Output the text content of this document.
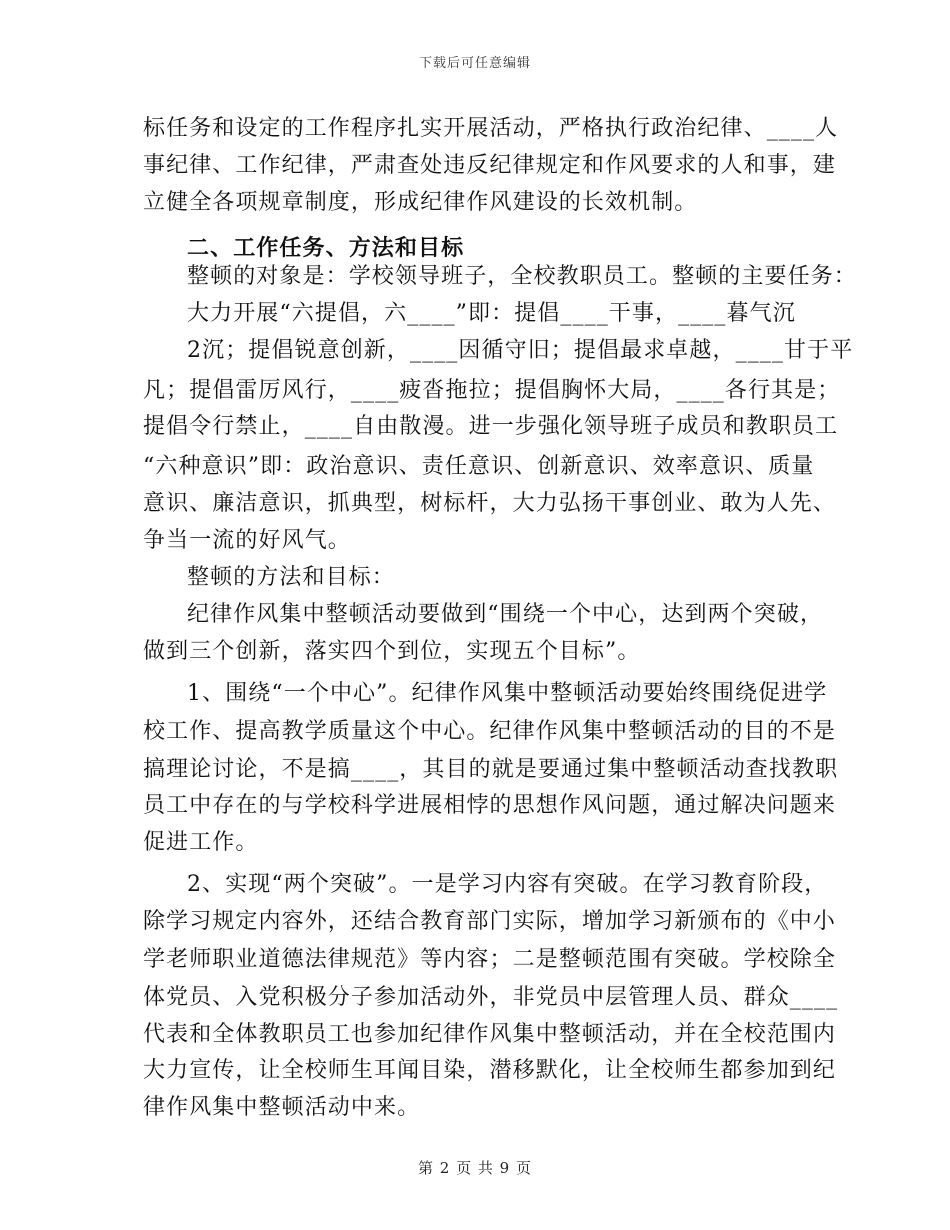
下载后可任意编辑
标任务和设定的工作程序扎实开展活动，严格执行政治纪律、____人
事纪律、工作纪律，严肃查处违反纪律规定和作风要求的人和事，建
立健全各项规章制度，形成纪律作风建设的长效机制。
二、工作任务、方法和目标
整顿的对象是：学校领导班子，全校教职员工。整顿的主要任务：
大力开展“六提倡，六____”即：提倡____干事，____暮气沉
2沉；提倡锐意创新，____因循守旧；提倡最求卓越，____甘于平
凡；提倡雷厉风行，____疲沓拖拉；提倡胸怀大局，____各行其是；
提倡令行禁止，____自由散漫。进一步强化领导班子成员和教职员工
“六种意识”即：政治意识、责任意识、创新意识、效率意识、质量
意识、廉洁意识，抓典型，树标杆，大力弘扬干事创业、敢为人先、
争当一流的好风气。
整顿的方法和目标：
纪律作风集中整顿活动要做到“围绕一个中心，达到两个突破，
做到三个创新，落实四个到位，实现五个目标”。
1、围绕“一个中心”。纪律作风集中整顿活动要始终围绕促进学
校工作、提高教学质量这个中心。纪律作风集中整顿活动的目的不是
搞理论讨论，不是搞____，其目的就是要通过集中整顿活动查找教职
员工中存在的与学校科学进展相悖的思想作风问题，通过解决问题来
促进工作。
2、实现“两个突破”。一是学习内容有突破。在学习教育阶段，
除学习规定内容外，还结合教育部门实际，增加学习新颁布的《中小
学老师职业道德法律规范》等内容；二是整顿范围有突破。学校除全
体党员、入党积极分子参加活动外，非党员中层管理人员、群众____
代表和全体教职员工也参加纪律作风集中整顿活动，并在全校范围内
大力宣传，让全校师生耳闻目染，潜移默化，让全校师生都参加到纪
律作风集中整顿活动中来。
第 2 页 共 9 页
